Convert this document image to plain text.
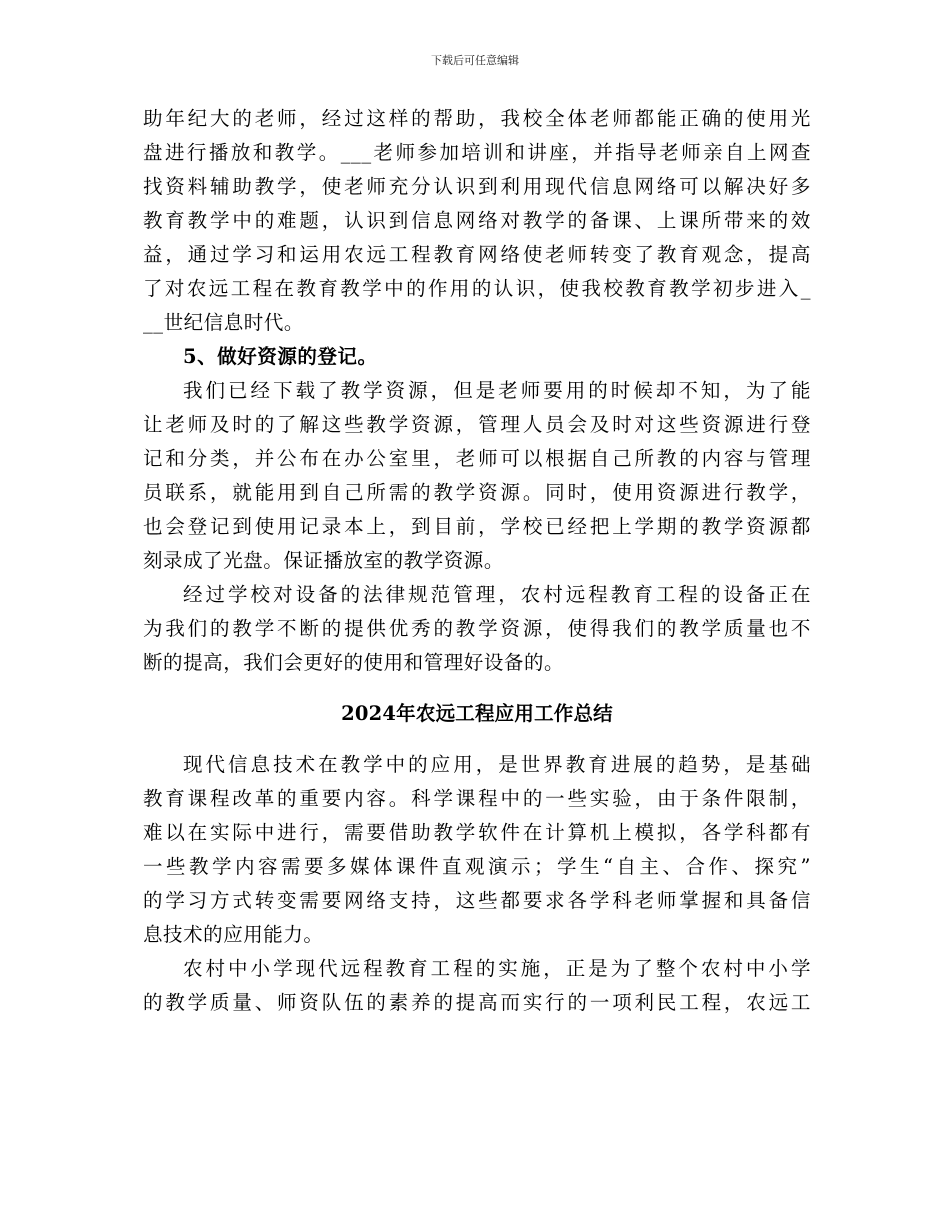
下载后可任意编辑
助年纪大的老师，经过这样的帮助，我校全体老师都能正确的使用光
盘进行播放和教学。___老师参加培训和讲座，并指导老师亲自上网查
找资料辅助教学，使老师充分认识到利用现代信息网络可以解决好多
教育教学中的难题，认识到信息网络对教学的备课、上课所带来的效
益，通过学习和运用农远工程教育网络使老师转变了教育观念，提高
了对农远工程在教育教学中的作用的认识，使我校教育教学初步进入_
__世纪信息时代。
5、做好资源的登记。
我们已经下载了教学资源，但是老师要用的时候却不知，为了能
让老师及时的了解这些教学资源，管理人员会及时对这些资源进行登
记和分类，并公布在办公室里，老师可以根据自己所教的内容与管理
员联系，就能用到自己所需的教学资源。同时，使用资源进行教学，
也会登记到使用记录本上，到目前，学校已经把上学期的教学资源都
刻录成了光盘。保证播放室的教学资源。
经过学校对设备的法律规范管理，农村远程教育工程的设备正在
为我们的教学不断的提供优秀的教学资源，使得我们的教学质量也不
断的提高，我们会更好的使用和管理好设备的。
2024年农远工程应用工作总结
现代信息技术在教学中的应用，是世界教育进展的趋势，是基础
教育课程改革的重要内容。科学课程中的一些实验，由于条件限制，
难以在实际中进行，需要借助教学软件在计算机上模拟，各学科都有
一些教学内容需要多媒体课件直观演示；学生“自主、合作、探究”
的学习方式转变需要网络支持，这些都要求各学科老师掌握和具备信
息技术的应用能力。
农村中小学现代远程教育工程的实施，正是为了整个农村中小学
的教学质量、师资队伍的素养的提高而实行的一项利民工程，农远工
